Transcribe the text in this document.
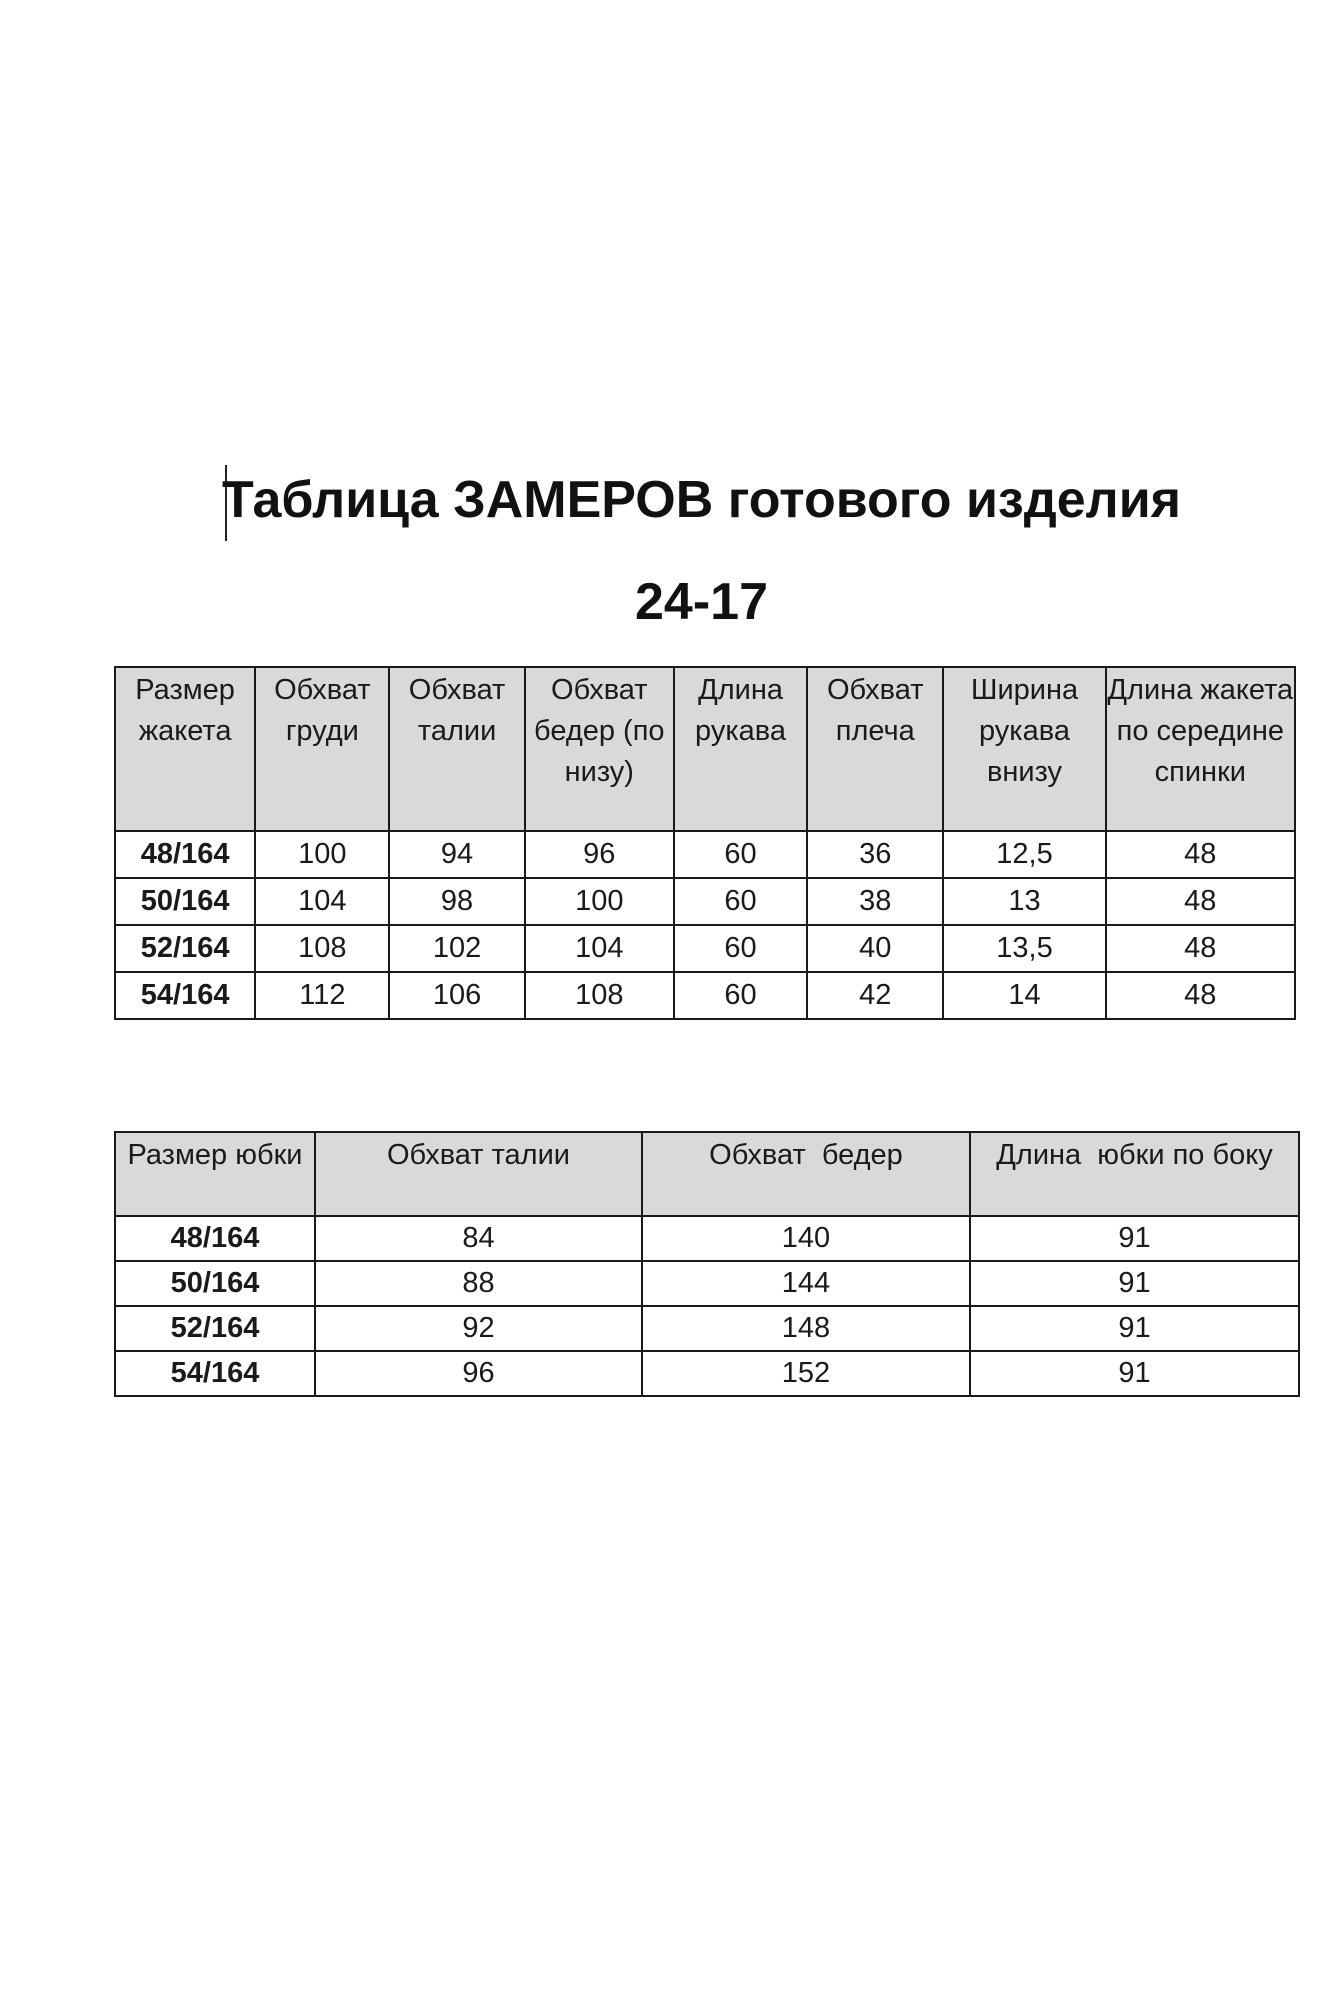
Таблица ЗАМЕРОВ готового изделия
24-17
Размер жакета	Обхват груди	Обхват талии	Обхват бедер (по низу)	Длина рукава	Обхват плеча	Ширина рукава внизу	Длина жакета по середине спинки
48/164	100	94	96	60	36	12,5	48
50/164	104	98	100	60	38	13	48
52/164	108	102	104	60	40	13,5	48
54/164	112	106	108	60	42	14	48
Размер юбки	Обхват талии	Обхват  бедер	Длина  юбки по боку
48/164	84	140	91
50/164	88	144	91
52/164	92	148	91
54/164	96	152	91
